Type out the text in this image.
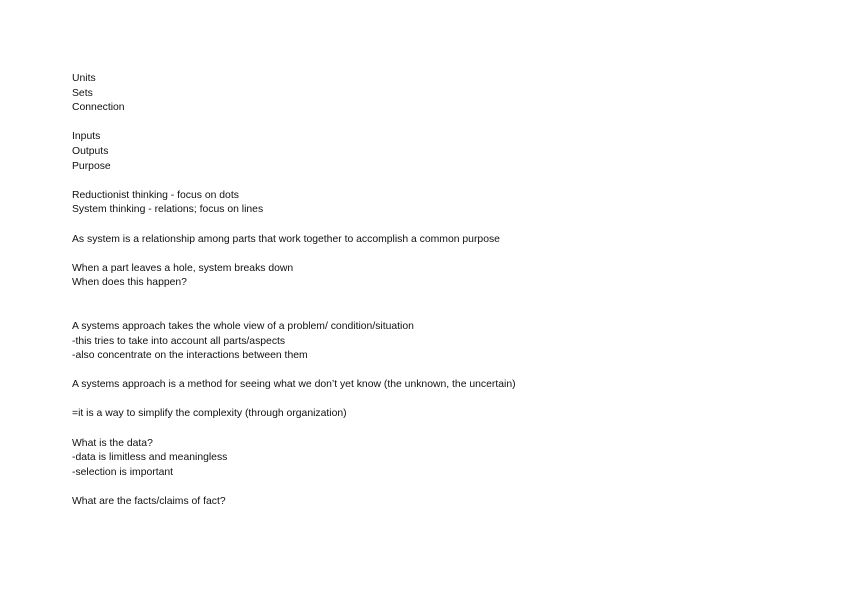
Units
Sets
Connection
Inputs
Outputs
Purpose
Reductionist thinking - focus on dots
System thinking - relations; focus on lines
As system is a relationship among parts that work together to accomplish a common purpose
When a part leaves a hole, system breaks down
When does this happen?
A systems approach takes the whole view of a problem/ condition/situation
-this tries to take into account all parts/aspects
-also concentrate on the interactions between them
A systems approach is a method for seeing what we don’t yet know (the unknown, the uncertain)
=it is a way to simplify the complexity (through organization)
What is the data?
-data is limitless and meaningless
-selection is important
What are the facts/claims of fact?
